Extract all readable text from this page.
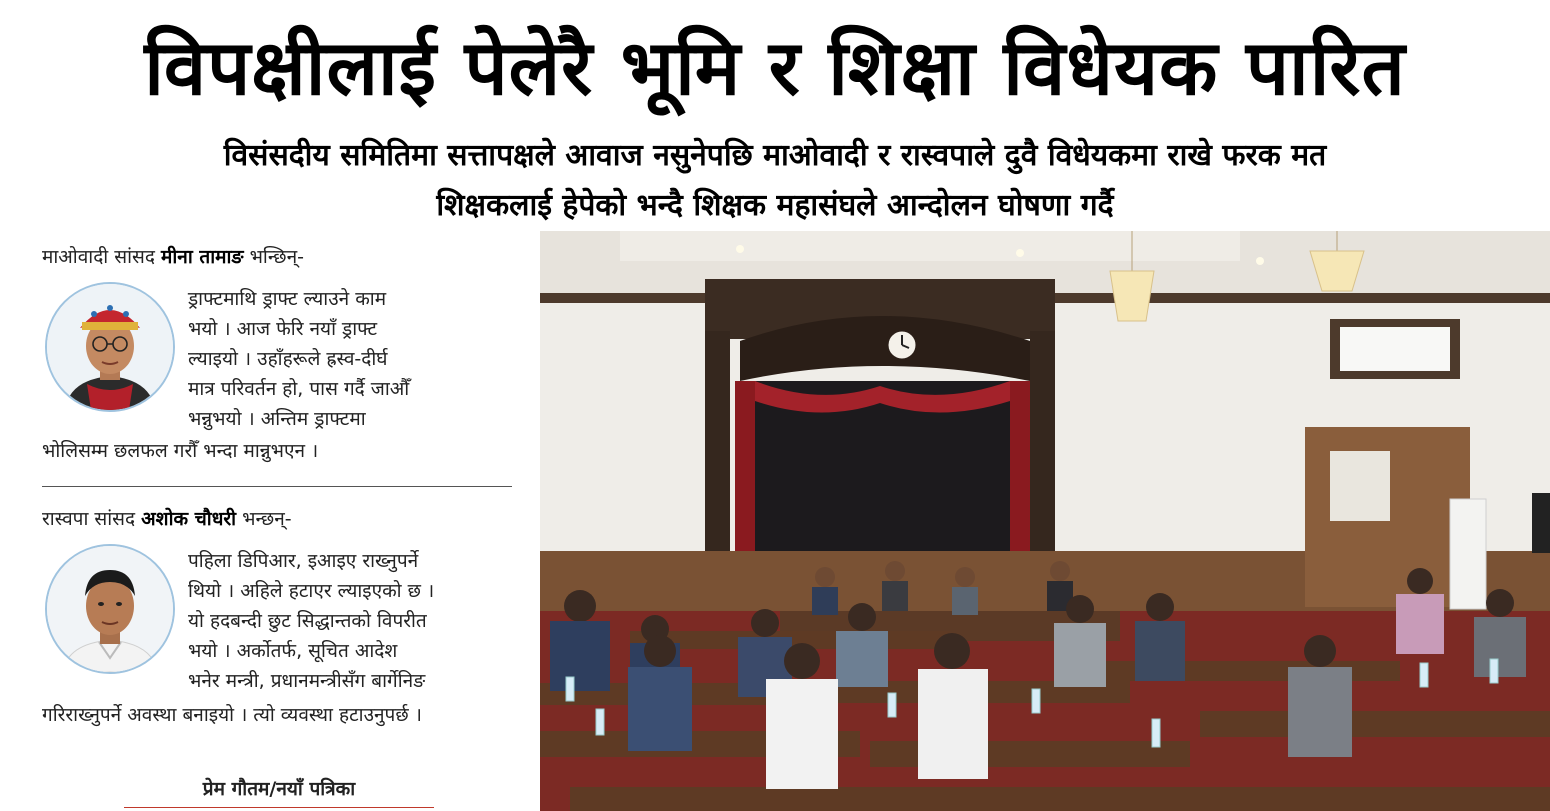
विपक्षीलाई पेलेरै भूमि र शिक्षा विधेयक पारित
विसंसदीय समितिमा सत्तापक्षले आवाज नसुनेपछि माओवादी र रास्वपाले दुवै विधेयकमा राखे फरक मत
शिक्षकलाई हेपेको भन्दै शिक्षक महासंघले आन्दोलन घोषणा गर्दै
माओवादी सांसद मीना तामाङ भन्छिन्-
ड्राफ्टमाथि ड्राफ्ट ल्याउने काम
भयो । आज फेरि नयाँ ड्राफ्ट
ल्याइयो । उहाँहरूले ह्रस्व-दीर्घ
मात्र परिवर्तन हो, पास गर्दै जाऔँ
भन्नुभयो । अन्तिम ड्राफ्टमा
भोलिसम्म छलफल गरौँ भन्दा मान्नुभएन ।
रास्वपा सांसद अशोक चौधरी भन्छन्-
पहिला डिपिआर, इआइए राख्नुपर्ने
थियो । अहिले हटाएर ल्याइएको छ ।
यो हदबन्दी छुट सिद्धान्तको विपरीत
भयो । अर्कोतर्फ, सूचित आदेश
भनेर मन्त्री, प्रधानमन्त्रीसँग बार्गेनिङ
गरिराख्नुपर्ने अवस्था बनाइयो । त्यो व्यवस्था हटाउनुपर्छ ।
प्रेम गौतम/नयाँ पत्रिका
